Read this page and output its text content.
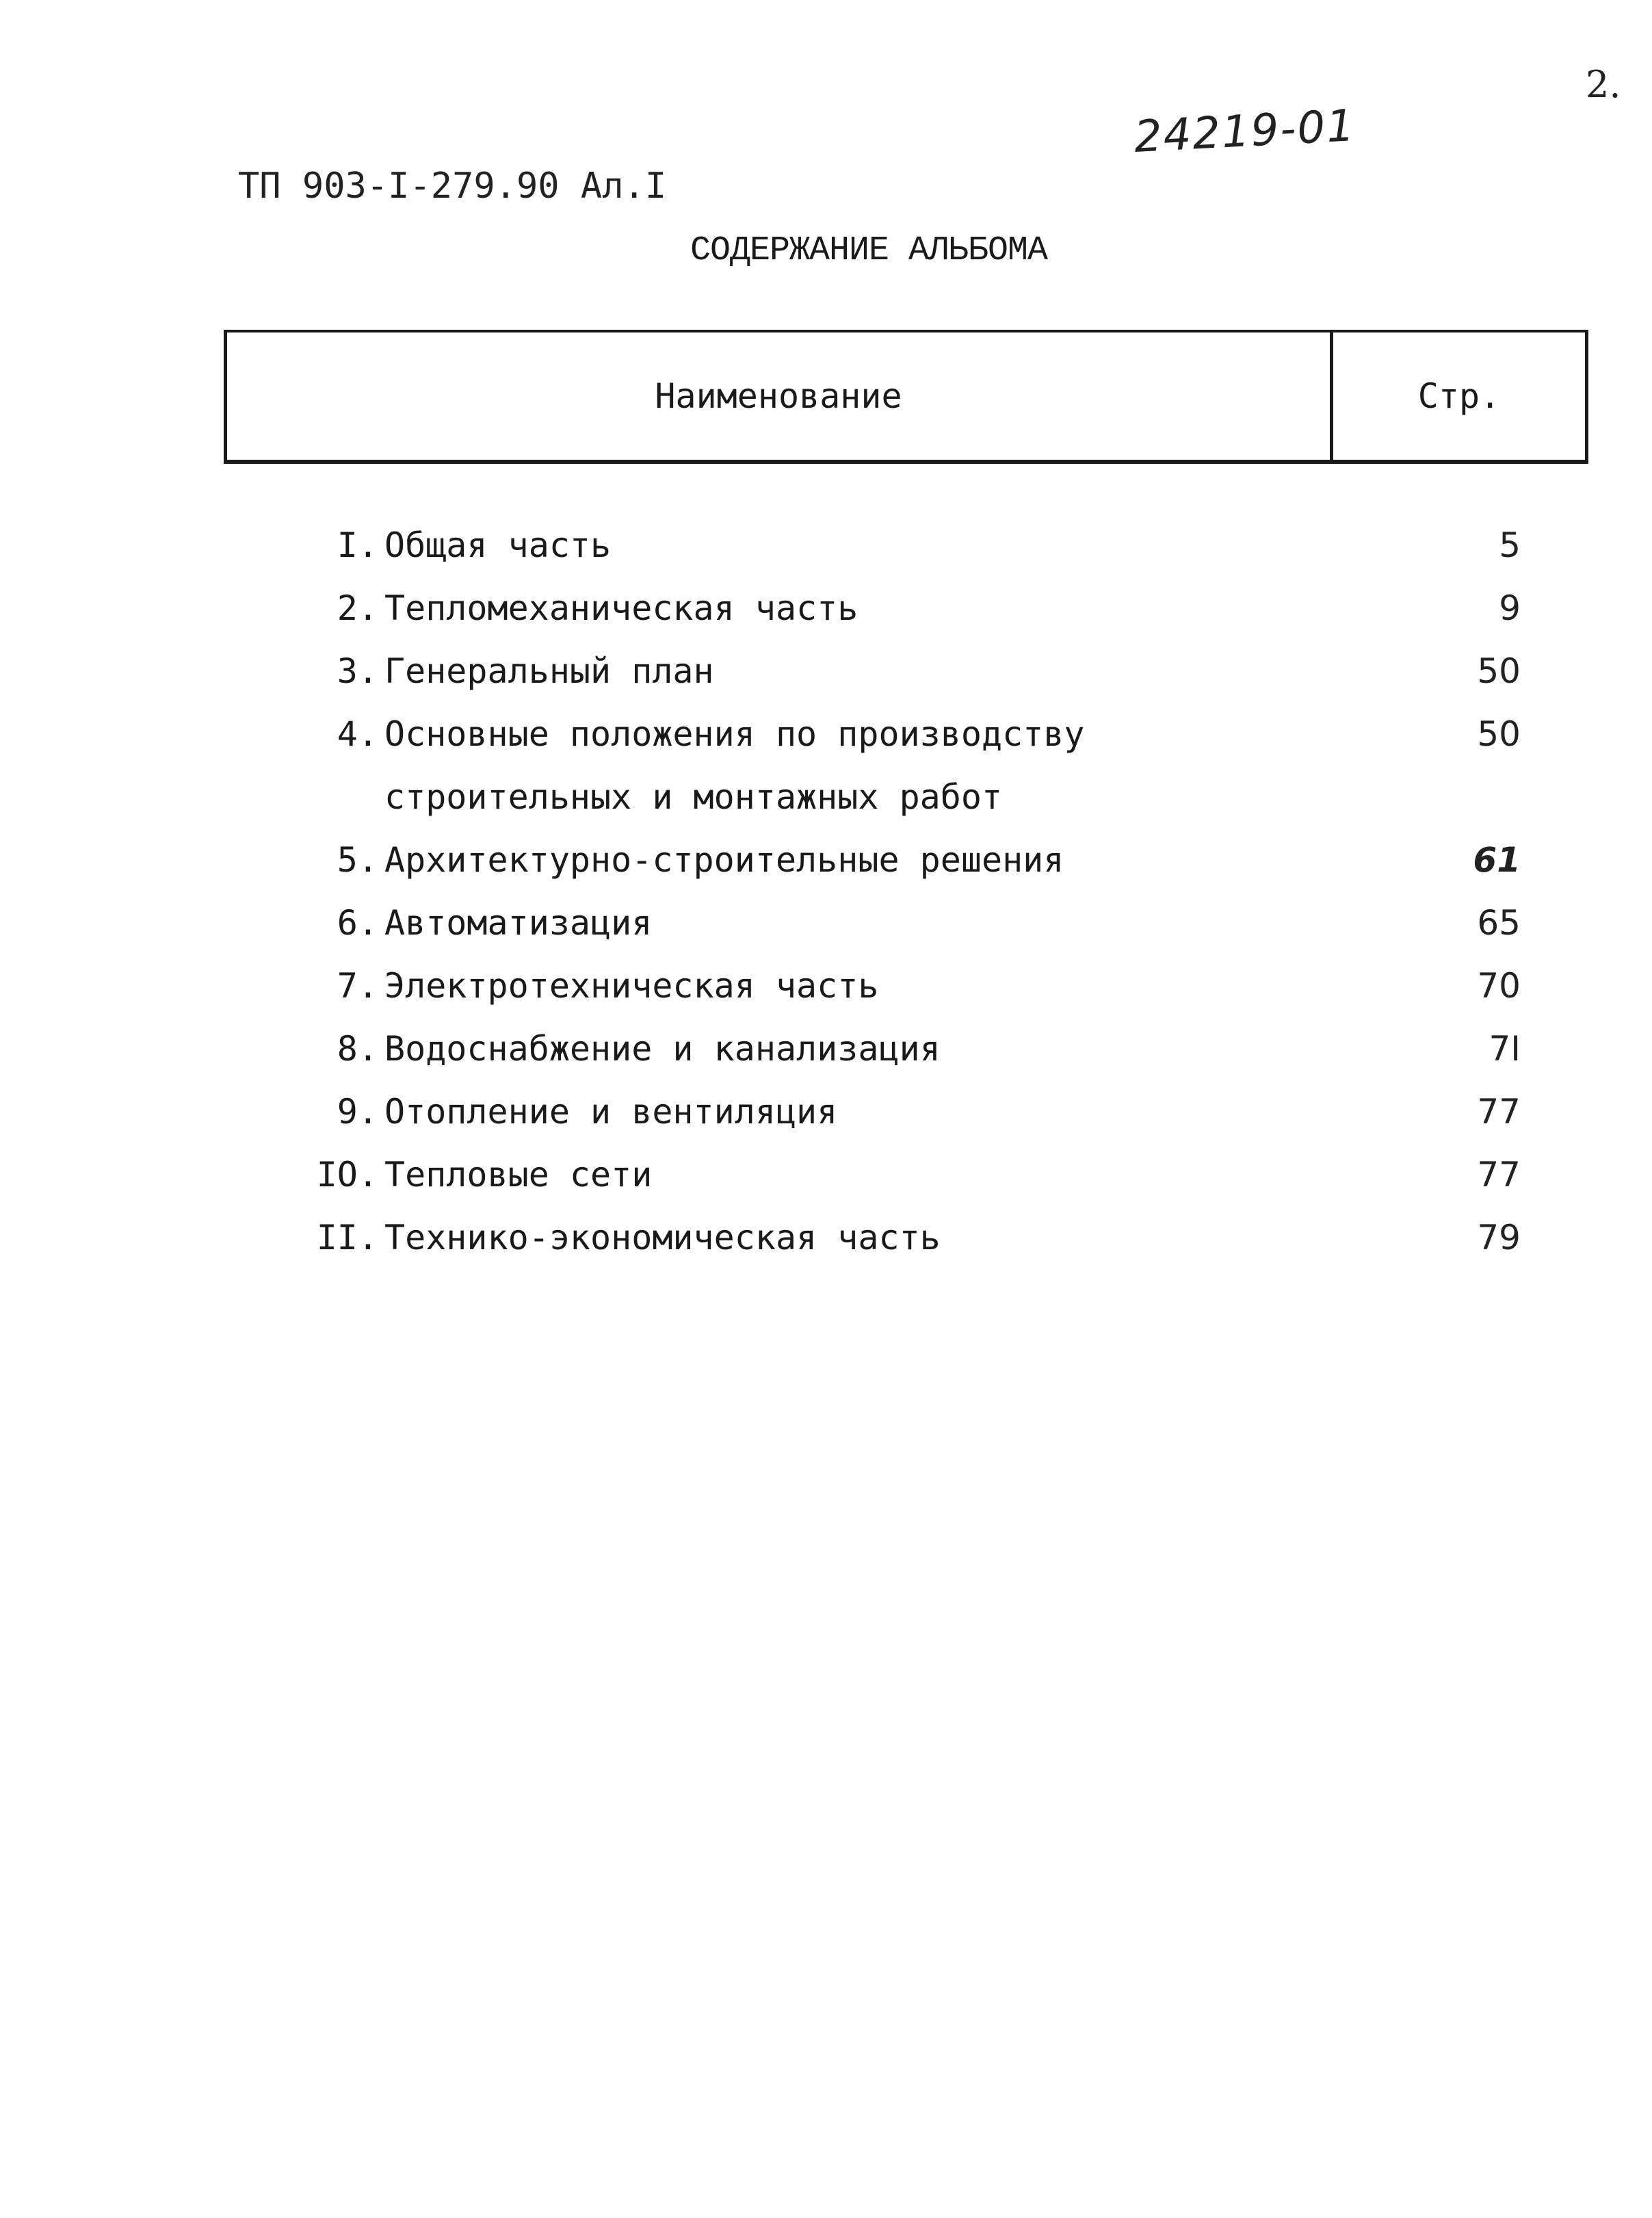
2.
24219-01
ТП 903-I-279.90 Ал.I
СОДЕРЖАНИЕ АЛЬБОМА
Наименование	Стр.
I. Общая часть	5
2. Тепломеханическая часть	9
3. Генеральный план	50
4. Основные положения по производству	50
строительных и монтажных работ
5. Архитектурно-строительные решения	61
6. Автоматизация	65
7. Электротехническая часть	70
8. Водоснабжение и канализация	7I
9. Отопление и вентиляция	77
IO. Тепловые сети	77
II. Технико-экономическая часть	79
